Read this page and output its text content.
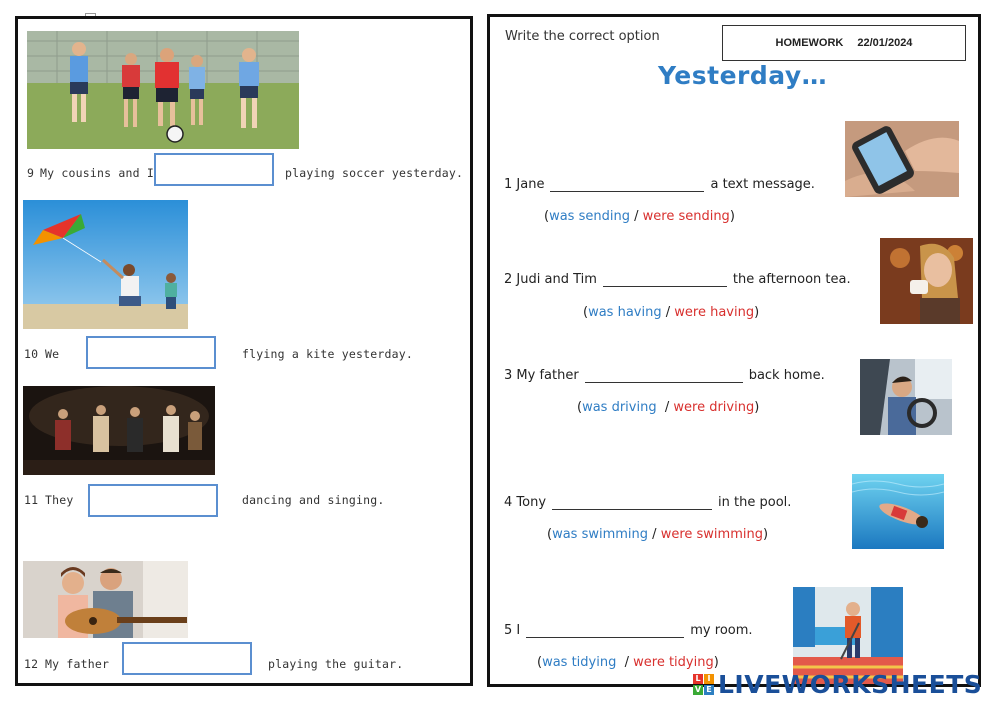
9 My cousins and I	playing soccer yesterday.
10 We	flying a kite yesterday.
11 They	dancing and singing.
12 My father	playing the guitar.
Write the correct option	HOMEWORK 22/01/2024
Yesterday…
1
Jane	a text message.
(was sending / were sending)
2
Judi and Tim	the afternoon tea.
(was having / were having)
3
My father	back home.
(was driving / were driving)
4
Tony	in the pool.
(was swimming / were swimming)
5
I	my room.
(was tidying / were tidying)
L I
V E LIVEWORKSHEETS
